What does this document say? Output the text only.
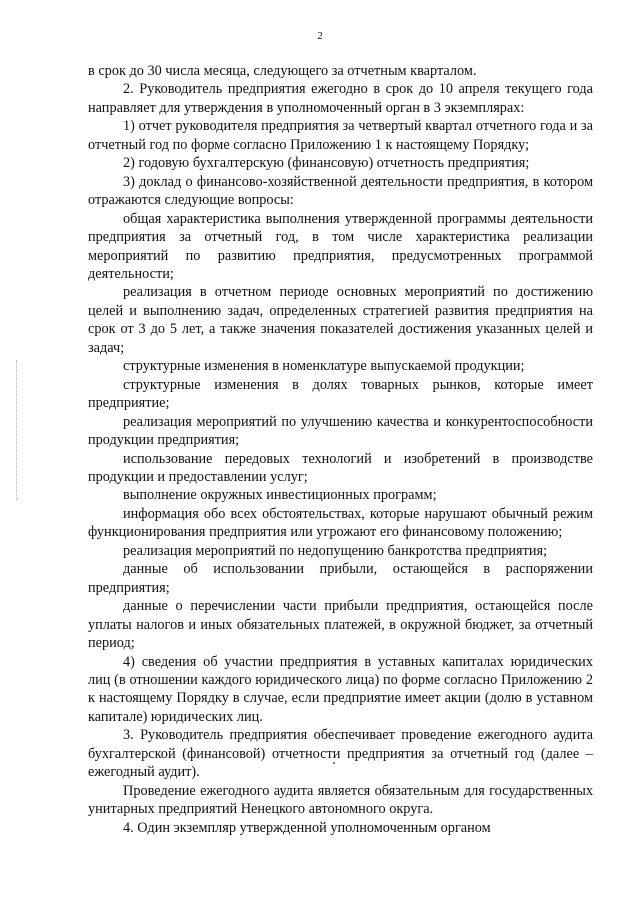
2

в срок до 30 числа месяца, следующего за отчетным кварталом.

2. Руководитель предприятия ежегодно в срок до 10 апреля текущего года направляет для утверждения в уполномоченный орган в 3 экземплярах:

1) отчет руководителя предприятия за четвертый квартал отчетного года и за отчетный год по форме согласно Приложению 1 к настоящему Порядку;

2) годовую бухгалтерскую (финансовую) отчетность предприятия;

3) доклад о финансово-хозяйственной деятельности предприятия, в котором отражаются следующие вопросы:

общая характеристика выполнения утвержденной программы деятельности предприятия за отчетный год, в том числе характеристика реализации мероприятий по развитию предприятия, предусмотренных программой деятельности;

реализация в отчетном периоде основных мероприятий по достижению целей и выполнению задач, определенных стратегией развития предприятия на срок от 3 до 5 лет, а также значения показателей достижения указанных целей и задач;

структурные изменения в номенклатуре выпускаемой продукции;

структурные изменения в долях товарных рынков, которые имеет предприятие;

реализация мероприятий по улучшению качества и конкурентоспособности продукции предприятия;

использование передовых технологий и изобретений в производстве продукции и предоставлении услуг;

выполнение окружных инвестиционных программ;

информация обо всех обстоятельствах, которые нарушают обычный режим функционирования предприятия или угрожают его финансовому положению;

реализация мероприятий по недопущению банкротства предприятия;

данные об использовании прибыли, остающейся в распоряжении предприятия;

данные о перечислении части прибыли предприятия, остающейся после уплаты налогов и иных обязательных платежей, в окружной бюджет, за отчетный период;

4) сведения об участии предприятия в уставных капиталах юридических лиц (в отношении каждого юридического лица) по форме согласно Приложению 2 к настоящему Порядку в случае, если предприятие имеет акции (долю в уставном капитале) юридических лиц.

3. Руководитель предприятия обеспечивает проведение ежегодного аудита бухгалтерской (финансовой) отчетности предприятия за отчетный год (далее – ежегодный аудит).

Проведение ежегодного аудита является обязательным для государственных унитарных предприятий Ненецкого автономного округа.

4. Один экземпляр утвержденной уполномоченным органом
